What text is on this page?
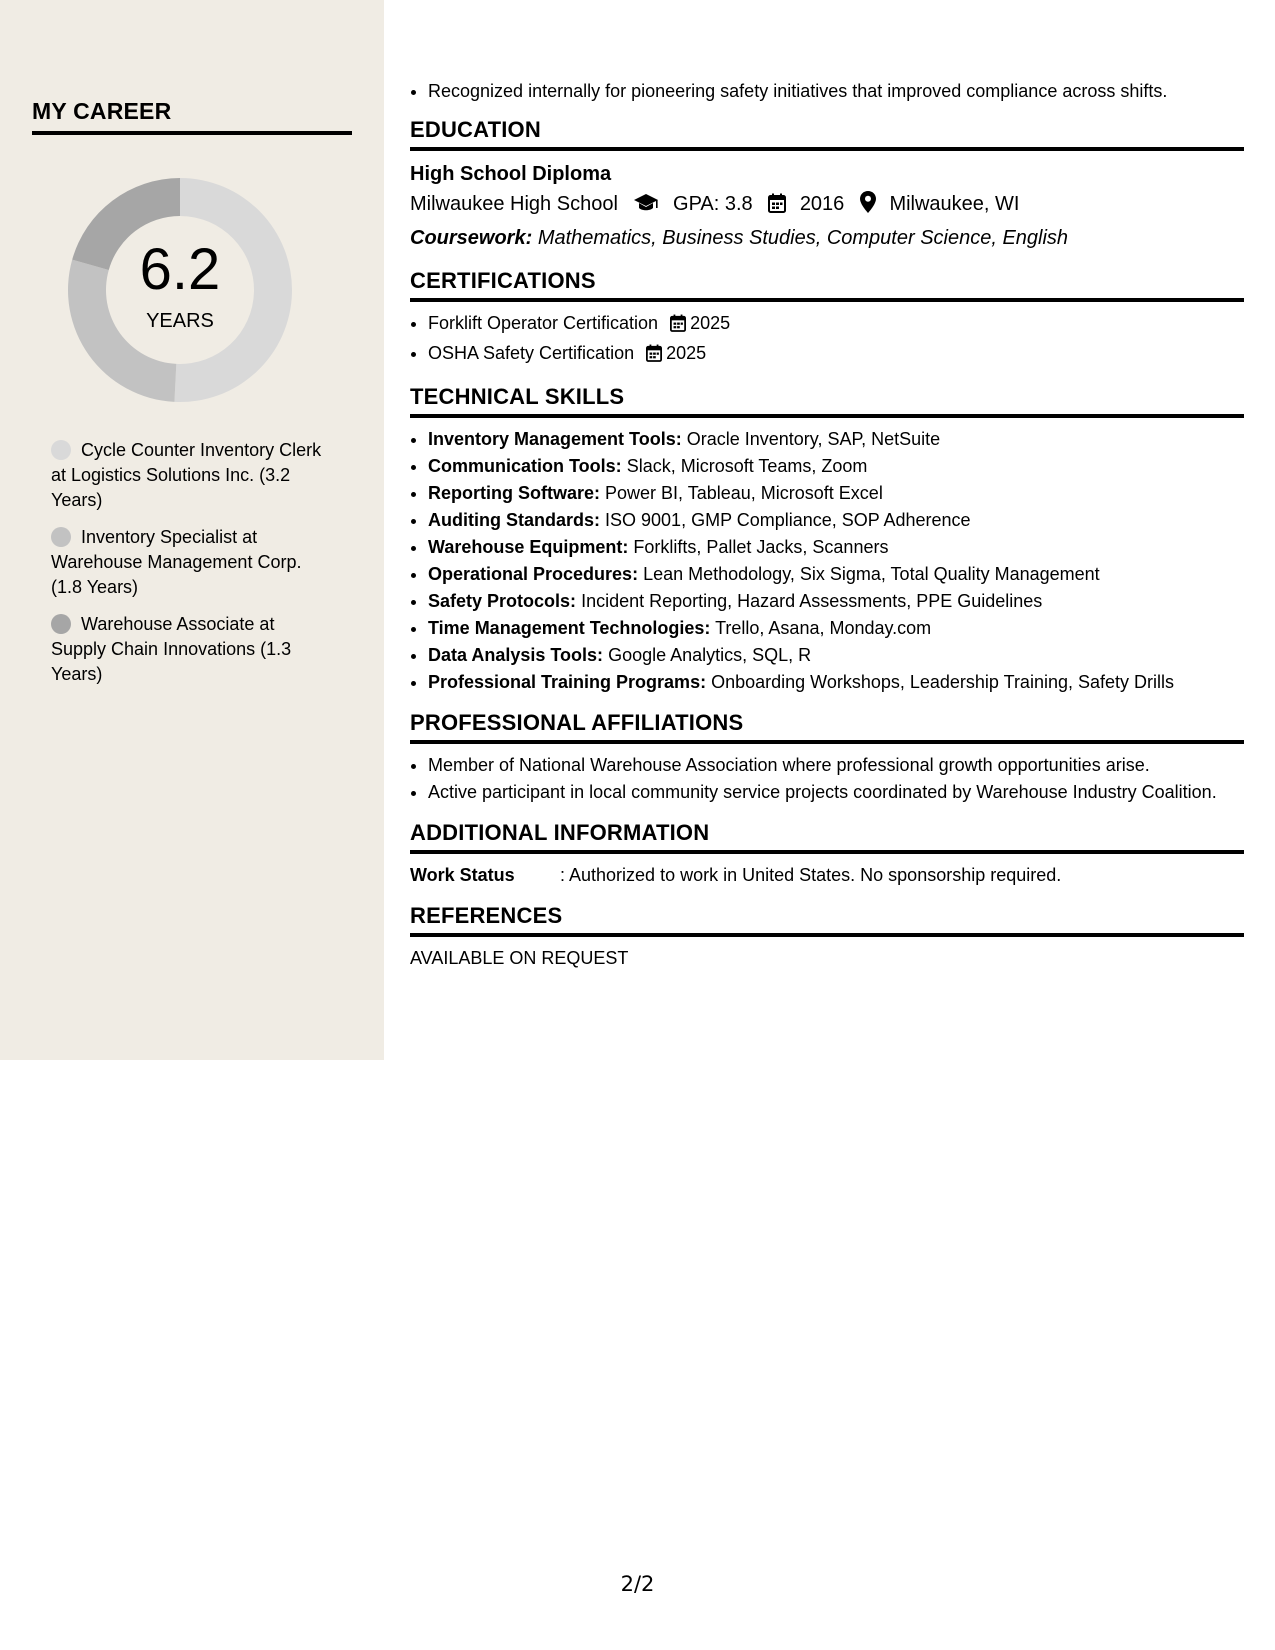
MY CAREER
6.2
YEARS
Cycle Counter Inventory Clerk at Logistics Solutions Inc. (3.2 Years)
Inventory Specialist at Warehouse Management Corp. (1.8 Years)
Warehouse Associate at Supply Chain Innovations (1.3 Years)
• Recognized internally for pioneering safety initiatives that improved compliance across shifts.
EDUCATION
High School Diploma
Milwaukee High School	GPA: 3.8 2016 Milwaukee, WI
Coursework: Mathematics, Business Studies, Computer Science, English
CERTIFICATIONS
• Forklift Operator Certification 2025
• OSHA Safety Certification 2025
TECHNICAL SKILLS
• Inventory Management Tools: Oracle Inventory, SAP, NetSuite
• Communication Tools: Slack, Microsoft Teams, Zoom
• Reporting Software: Power BI, Tableau, Microsoft Excel
• Auditing Standards: ISO 9001, GMP Compliance, SOP Adherence
• Warehouse Equipment: Forklifts, Pallet Jacks, Scanners
• Operational Procedures: Lean Methodology, Six Sigma, Total Quality Management
• Safety Protocols: Incident Reporting, Hazard Assessments, PPE Guidelines
• Time Management Technologies: Trello, Asana, Monday.com
• Data Analysis Tools: Google Analytics, SQL, R
• Professional Training Programs: Onboarding Workshops, Leadership Training, Safety Drills
PROFESSIONAL AFFILIATIONS
• Member of National Warehouse Association where professional growth opportunities arise.
• Active participant in local community service projects coordinated by Warehouse Industry Coalition.
ADDITIONAL INFORMATION
Work Status	: Authorized to work in United States. No sponsorship required.
REFERENCES
AVAILABLE ON REQUEST
2/2
